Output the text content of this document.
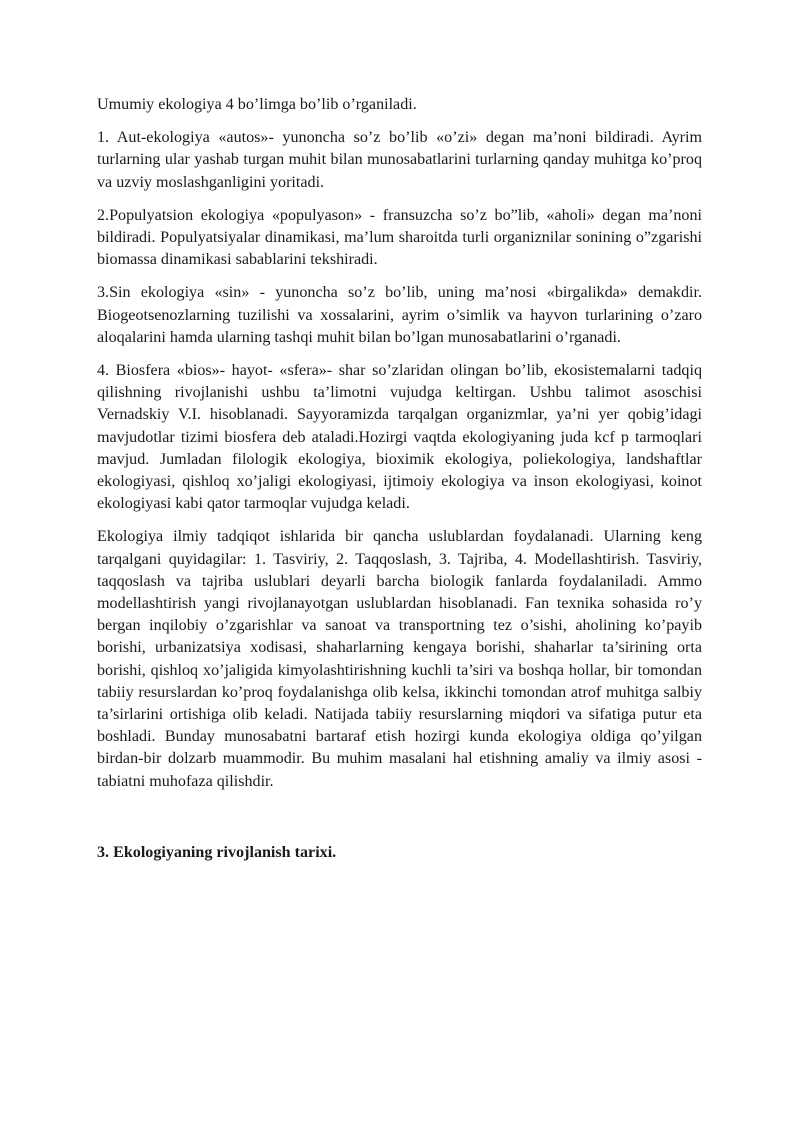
Umumiy ekologiya 4 bo’limga bo’lib o’rganiladi.

1. Aut-ekologiya «autos»- yunoncha so’z bo’lib «o’zi» degan ma’noni bildiradi. Ayrim turlarning ular yashab turgan muhit bilan munosabatlarini turlarning qanday muhitga ko’proq va uzviy moslashganligini yoritadi.

2.Populyatsion ekologiya «populyason» - fransuzcha so’z bo”lib, «aholi» degan ma’noni bildiradi. Populyatsiyalar dinamikasi, ma’lum sharoitda turli organiznilar sonining o”zgarishi biomassa dinamikasi sabablarini tekshiradi.

3.Sin ekologiya «sin» - yunoncha so’z bo’lib, uning ma’nosi «birgalikda» demakdir. Biogeotsenozlarning tuzilishi va xossalarini, ayrim o’simlik va hayvon turlarining o’zaro aloqalarini hamda ularning tashqi muhit bilan bo’lgan munosabatlarini o’rganadi.

4. Biosfera «bios»- hayot- «sfera»- shar so’zlaridan olingan bo’lib, ekosistemalarni tadqiq qilishning rivojlanishi ushbu ta’limotni vujudga keltirgan. Ushbu talimot asoschisi Vernadskiy V.I. hisoblanadi. Sayyoramizda tarqalgan organizmlar, ya’ni yer qobig’idagi mavjudotlar tizimi biosfera deb ataladi.Hozirgi vaqtda ekologiyaning juda kcf p tarmoqlari mavjud. Jumladan filologik ekologiya, bioximik ekologiya, poliekologiya, landshaftlar ekologiyasi, qishloq xo’jaligi ekologiyasi, ijtimoiy ekologiya va inson ekologiyasi, koinot ekologiyasi kabi qator tarmoqlar vujudga keladi.

Ekologiya ilmiy tadqiqot ishlarida bir qancha uslublardan foydalanadi. Ularning keng tarqalgani quyidagilar: 1. Tasviriy, 2. Taqqoslash, 3. Tajriba, 4. Modellashtirish. Tasviriy, taqqoslash va tajriba uslublari deyarli barcha biologik fanlarda foydalaniladi. Ammo modellashtirish yangi rivojlanayotgan uslublardan hisoblanadi. Fan texnika sohasida ro’y bergan inqilobiy o’zgarishlar va sanoat va transportning tez o’sishi, aholining ko’payib borishi, urbanizatsiya xodisasi, shaharlarning kengaya borishi, shaharlar ta’sirining orta borishi, qishloq xo’jaligida kimyolashtirishning kuchli ta’siri va boshqa hollar, bir tomondan tabiiy resurslardan ko’proq foydalanishga olib kelsa, ikkinchi tomondan atrof muhitga salbiy ta’sirlarini ortishiga olib keladi. Natijada tabiiy resurslarning miqdori va sifatiga putur eta boshladi. Bunday munosabatni bartaraf etish hozirgi kunda ekologiya oldiga qo’yilgan birdan-bir dolzarb muammodir. Bu muhim masalani hal etishning amaliy va ilmiy asosi -tabiatni muhofaza qilishdir.

3. Ekologiyaning rivojlanish tarixi.
